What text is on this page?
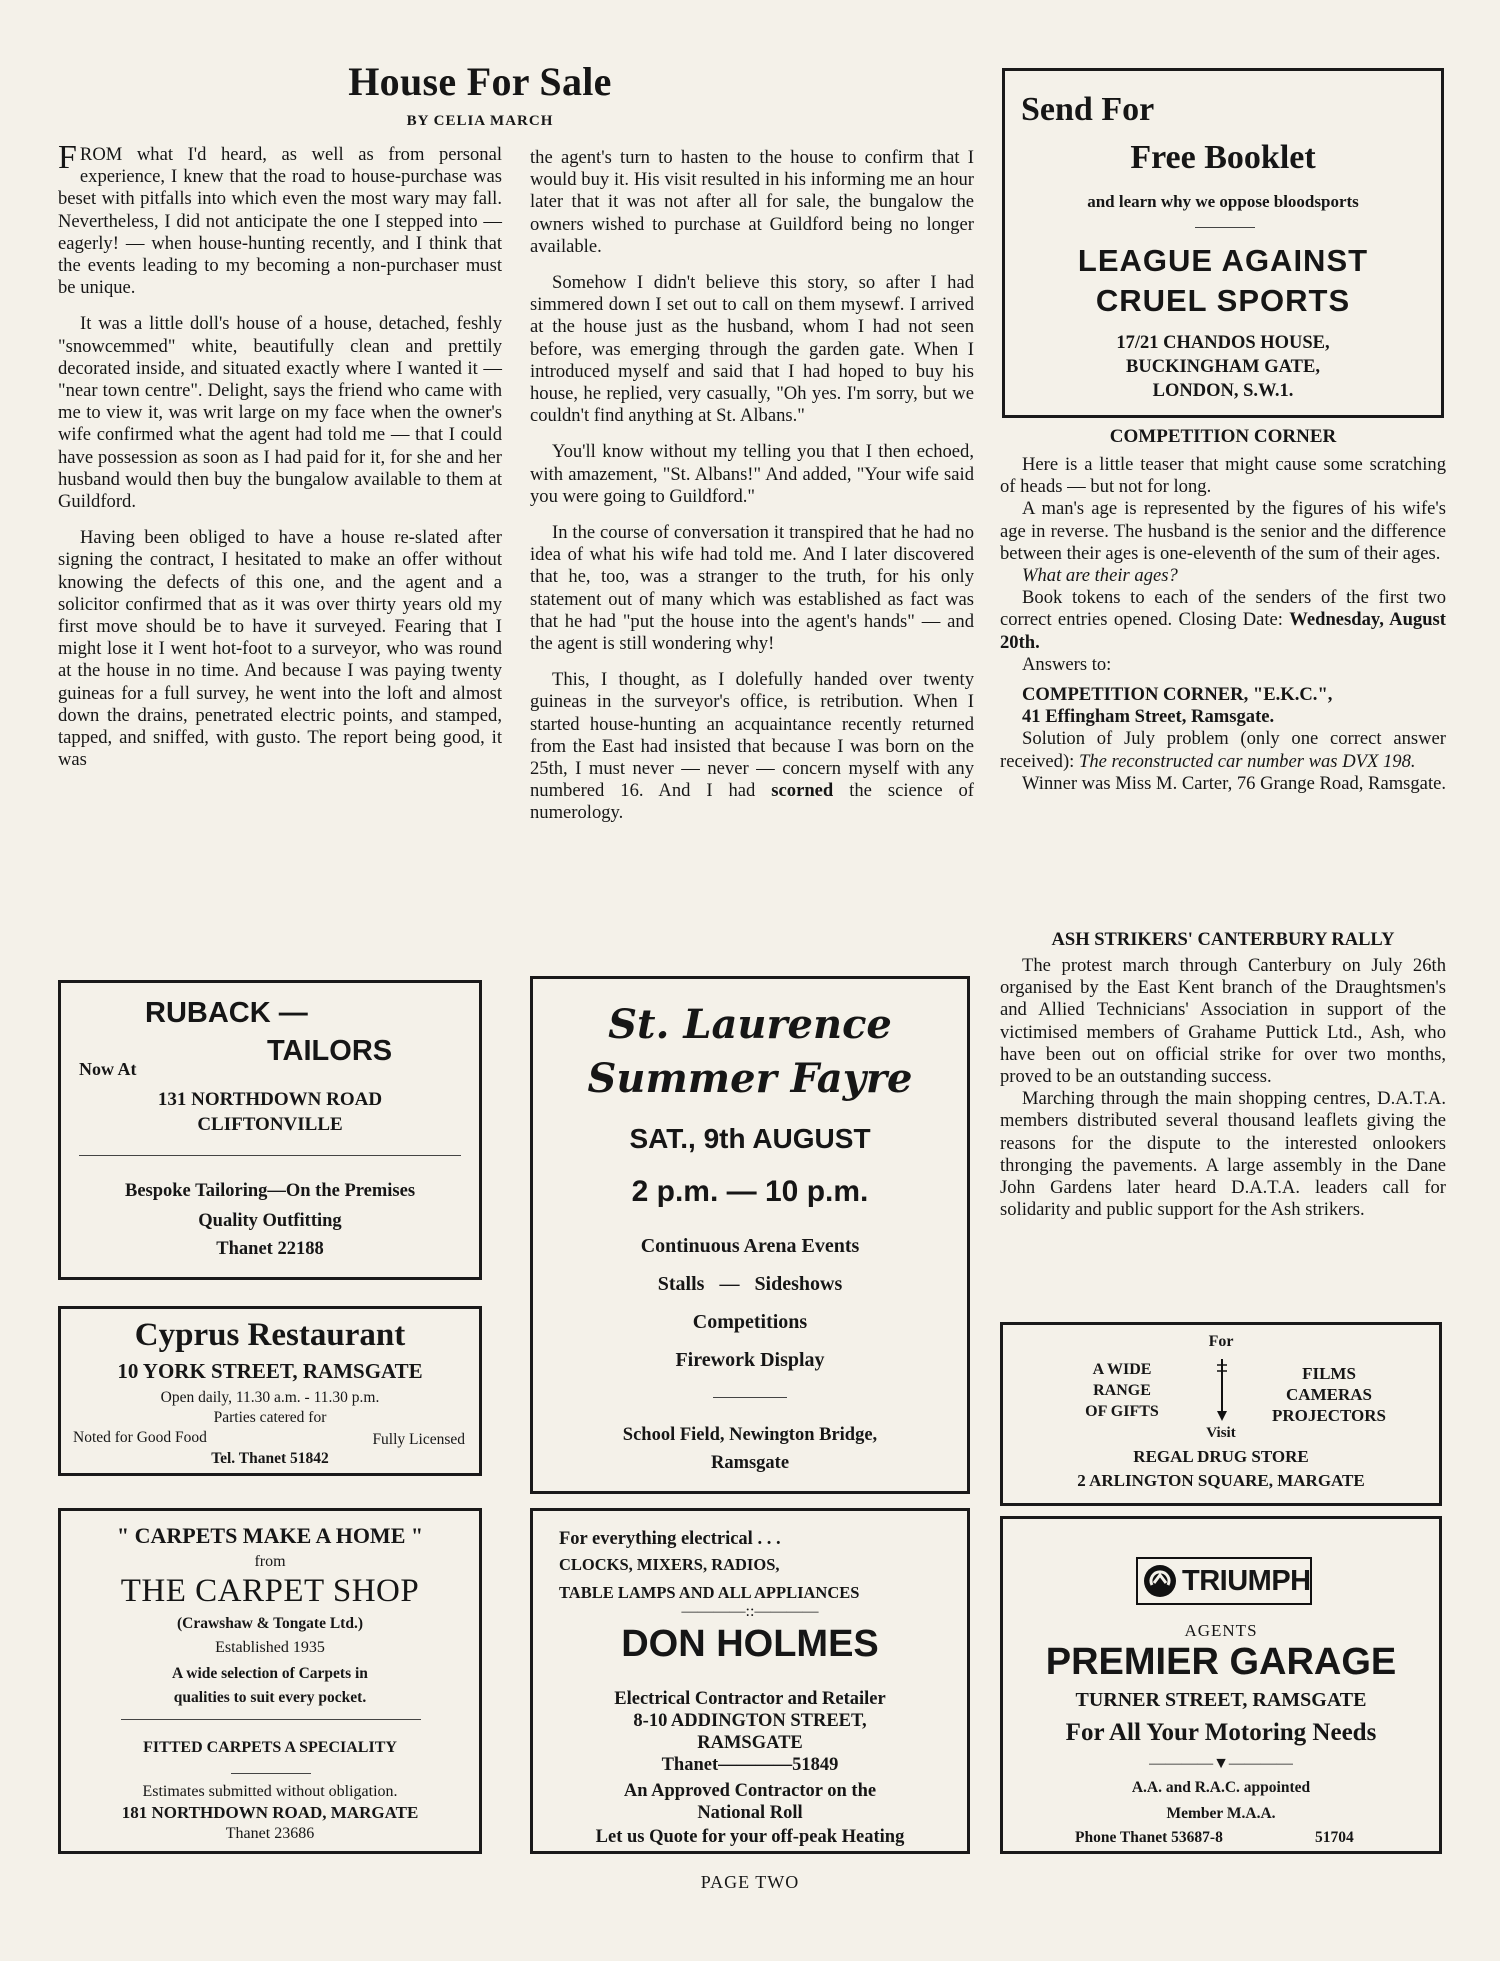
House For Sale
BY CELIA MARCH

FROM what I'd heard, as well as from personal experience, I knew that the road to house-purchase was beset with pitfalls into which even the most wary may fall. Nevertheless, I did not anticipate the one I stepped into — eagerly! — when house-hunting recently, and I think that the events leading to my becoming a non-purchaser must be unique.

It was a little doll's house of a house, detached, feshly "snowcemmed" white, beautifully clean and prettily decorated inside, and situated exactly where I wanted it — "near town centre". Delight, says the friend who came with me to view it, was writ large on my face when the owner's wife confirmed what the agent had told me — that I could have possession as soon as I had paid for it, for she and her husband would then buy the bungalow available to them at Guildford.

Having been obliged to have a house re-slated after signing the contract, I hesitated to make an offer without knowing the defects of this one, and the agent and a solicitor confirmed that as it was over thirty years old my first move should be to have it surveyed. Fearing that I might lose it I went hot-foot to a surveyor, who was round at the house in no time. And because I was paying twenty guineas for a full survey, he went into the loft and almost down the drains, penetrated electric points, and stamped, tapped, and sniffed, with gusto. The report being good, it was

the agent's turn to hasten to the house to confirm that I would buy it. His visit resulted in his informing me an hour later that it was not after all for sale, the bungalow the owners wished to purchase at Guildford being no longer available.

Somehow I didn't believe this story, so after I had simmered down I set out to call on them mysewf. I arrived at the house just as the husband, whom I had not seen before, was emerging through the garden gate. When I introduced myself and said that I had hoped to buy his house, he replied, very casually, "Oh yes. I'm sorry, but we couldn't find anything at St. Albans."

You'll know without my telling you that I then echoed, with amazement, "St. Albans!" And added, "Your wife said you were going to Guildford."

In the course of conversation it transpired that he had no idea of what his wife had told me. And I later discovered that he, too, was a stranger to the truth, for his only statement out of many which was established as fact was that he had "put the house into the agent's hands" — and the agent is still wondering why!

This, I thought, as I dolefully handed over twenty guineas in the surveyor's office, is retribution. When I started house-hunting an acquaintance recently returned from the East had insisted that because I was born on the 25th, I must never — never — concern myself with any numbered 16. And I had scorned the science of numerology.

Send For
Free Booklet
and learn why we oppose bloodsports
LEAGUE AGAINST
CRUEL SPORTS
17/21 CHANDOS HOUSE,
BUCKINGHAM GATE,
LONDON, S.W.1.
COMPETITION CORNER

Here is a little teaser that might cause some scratching of heads — but not for long.

A man's age is represented by the figures of his wife's age in reverse. The husband is the senior and the difference between their ages is one-eleventh of the sum of their ages.

What are their ages?

Book tokens to each of the senders of the first two correct entries opened. Closing Date: Wednesday, August 20th.

Answers to:

COMPETITION CORNER, "E.K.C.",

41 Effingham Street, Ramsgate.

Solution of July problem (only one correct answer received): The reconstructed car number was DVX 198.

Winner was Miss M. Carter, 76 Grange Road, Ramsgate.

ASH STRIKERS' CANTERBURY RALLY

The protest march through Canterbury on July 26th organised by the East Kent branch of the Draughtsmen's and Allied Technicians' Association in support of the victimised members of Grahame Puttick Ltd., Ash, who have been out on official strike for over two months, proved to be an outstanding success.

Marching through the main shopping centres, D.A.T.A. members distributed several thousand leaflets giving the reasons for the dispute to the interested onlookers thronging the pavements. A large assembly in the Dane John Gardens later heard D.A.T.A. leaders call for solidarity and public support for the Ash strikers.

RUBACK —
TAILORS
Now At
131 NORTHDOWN ROAD
CLIFTONVILLE
Bespoke Tailoring—On the Premises
Quality Outfitting
Thanet 22188
Cyprus Restaurant
10 YORK STREET, RAMSGATE
Open daily, 11.30 a.m. - 11.30 p.m.
Parties catered for
Noted for Good Food	Fully Licensed
Tel. Thanet 51842
" CARPETS MAKE A HOME "
from
THE CARPET SHOP
(Crawshaw & Tongate Ltd.)
Established 1935
A wide selection of Carpets in
qualities to suit every pocket.
FITTED CARPETS A SPECIALITY
Estimates submitted without obligation.
181 NORTHDOWN ROAD, MARGATE
Thanet 23686
St. Laurence
Summer Fayre
SAT., 9th AUGUST
2 p.m. — 10 p.m.
Continuous Arena Events
Stalls   —   Sideshows
Competitions
Firework Display
School Field, Newington Bridge,
Ramsgate
For everything electrical . . .
CLOCKS, MIXERS, RADIOS,
TABLE LAMPS AND ALL APPLIANCES
————::————
DON HOLMES
Electrical Contractor and Retailer
8-10 ADDINGTON STREET,
RAMSGATE
Thanet————51849
An Approved Contractor on the
National Roll
Let us Quote for your off-peak Heating
For
A WIDE
RANGE
OF GIFTS
FILMS
CAMERAS
PROJECTORS
Visit
REGAL DRUG STORE
2 ARLINGTON SQUARE, MARGATE
TRIUMPH
AGENTS
PREMIER GARAGE
TURNER STREET, RAMSGATE
For All Your Motoring Needs
————▼————
A.A. and R.A.C. appointed
Member M.A.A.
Phone Thanet 53687-8	51704
PAGE TWO
